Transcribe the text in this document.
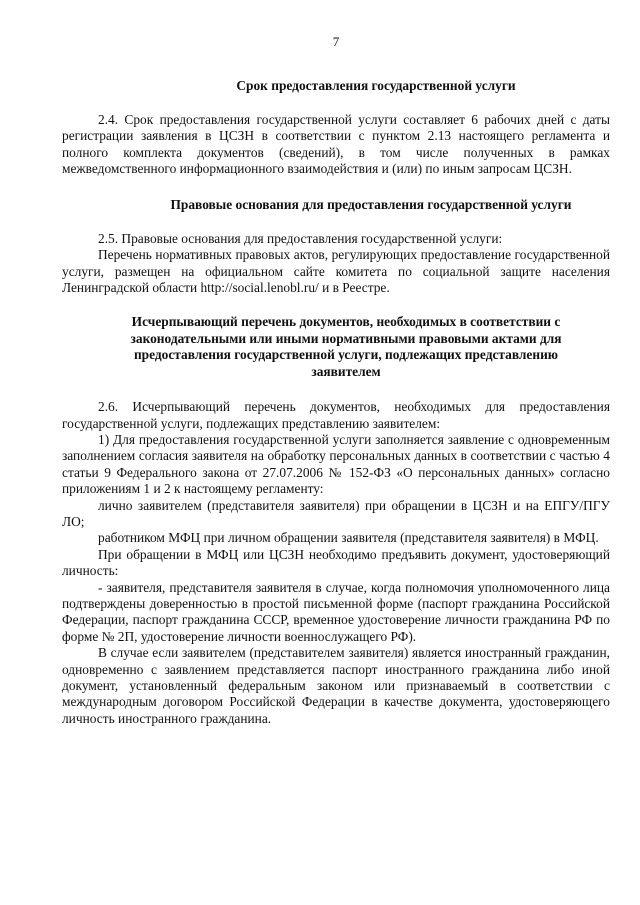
7
Срок предоставления государственной услуги

2.4. Срок предоставления государственной услуги составляет 6 рабочих дней с даты регистрации заявления в ЦСЗН в соответствии с пунктом 2.13 настоящего регламента и полного комплекта документов (сведений), в том числе полученных в рамках межведомственного информационного взаимодействия и (или) по иным запросам ЦСЗН.

Правовые основания для предоставления государственной услуги

2.5. Правовые основания для предоставления государственной услуги:

Перечень нормативных правовых актов, регулирующих предоставление государственной услуги, размещен на официальном сайте комитета по социальной защите населения Ленинградской области http://social.lenobl.ru/ и в Реестре.

Исчерпывающий перечень документов, необходимых в соответствии с законодательными или иными нормативными правовыми актами для предоставления государственной услуги, подлежащих представлению заявителем

2.6. Исчерпывающий перечень документов, необходимых для предоставления государственной услуги, подлежащих представлению заявителем:

1) Для предоставления государственной услуги заполняется заявление с одновременным заполнением согласия заявителя на обработку персональных данных в соответствии с частью 4 статьи 9 Федерального закона от 27.07.2006 № 152-ФЗ «О персональных данных» согласно приложениям 1 и 2 к настоящему регламенту:

лично заявителем (представителя заявителя) при обращении в ЦСЗН и на ЕПГУ/ПГУ ЛО;

работником МФЦ при личном обращении заявителя (представителя заявителя) в МФЦ.

При обращении в МФЦ или ЦСЗН необходимо предъявить документ, удостоверяющий личность:

- заявителя, представителя заявителя в случае, когда полномочия уполномоченного лица подтверждены доверенностью в простой письменной форме (паспорт гражданина Российской Федерации, паспорт гражданина СССР, временное удостоверение личности гражданина РФ по форме № 2П, удостоверение личности военнослужащего РФ).

В случае если заявителем (представителем заявителя) является иностранный гражданин, одновременно с заявлением представляется паспорт иностранного гражданина либо иной документ, установленный федеральным законом или признаваемый в соответствии с международным договором Российской Федерации в качестве документа, удостоверяющего личность иностранного гражданина.
